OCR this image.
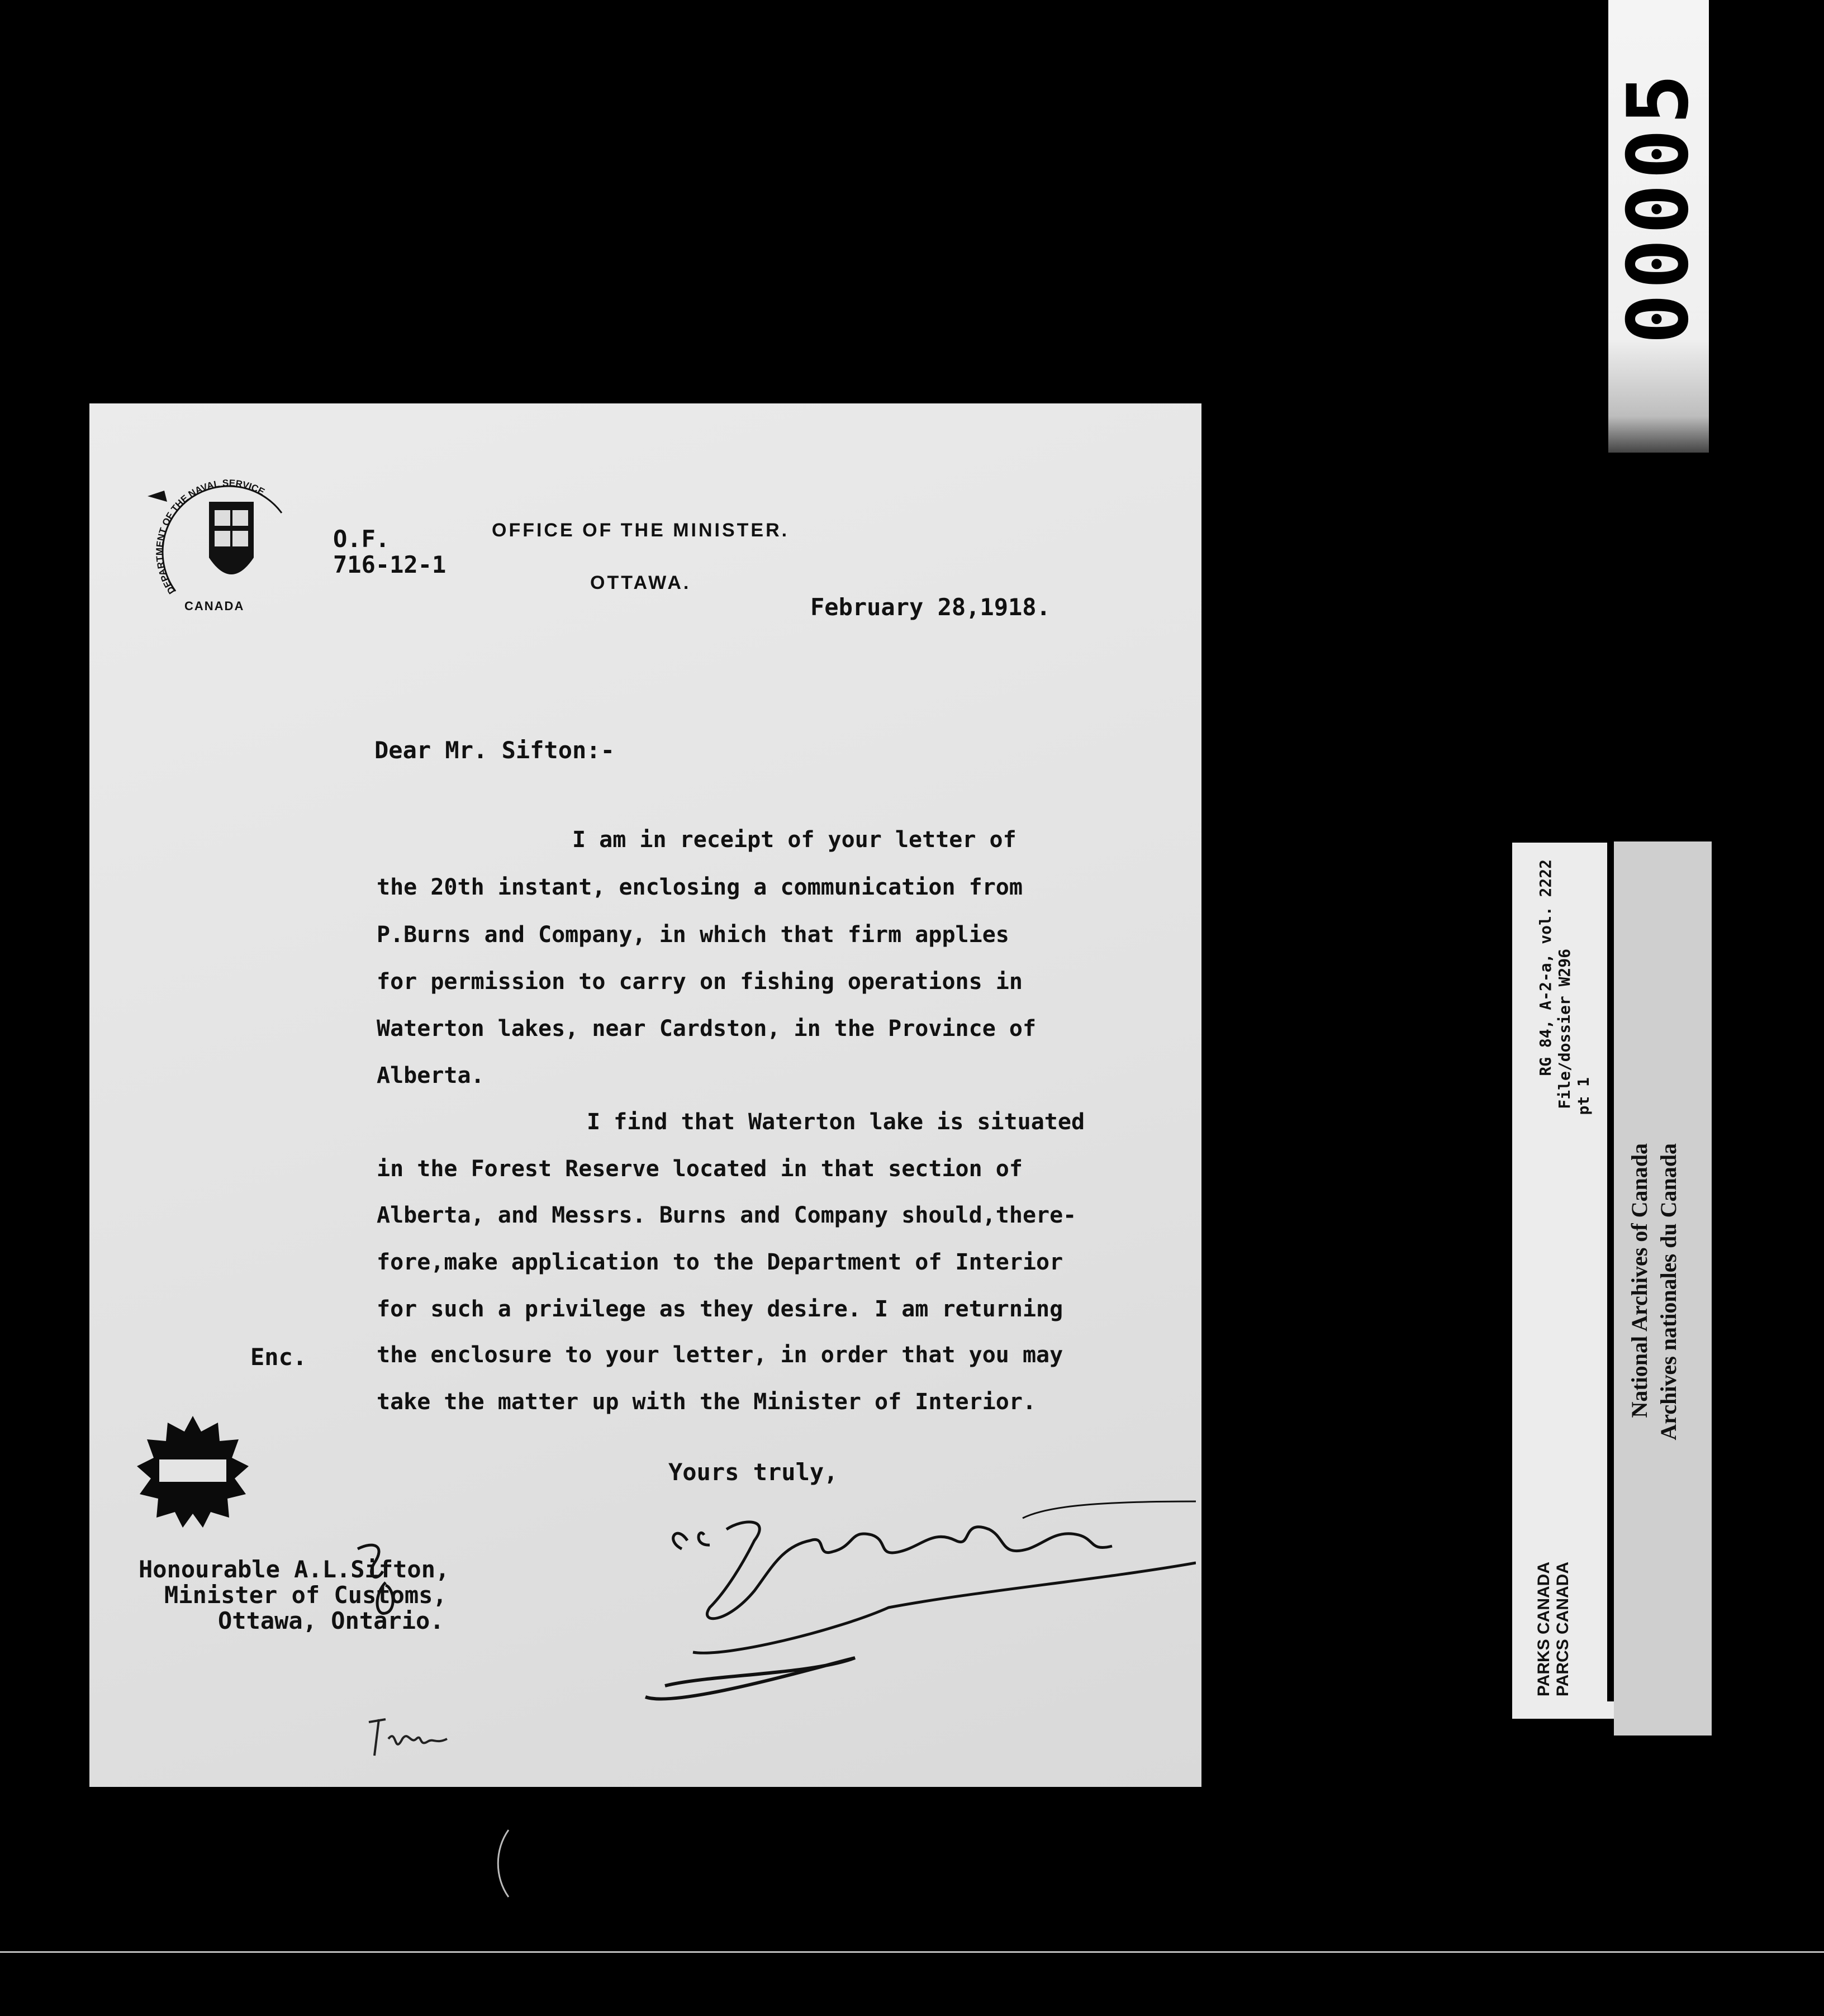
00005
DEPARTMENT OF THE NAVAL SERVICE
CANADA
O.F.
716-12-1
OFFICE OF THE MINISTER.
OTTAWA.
February 28,1918.
Dear Mr. Sifton:-
I am in receipt of your letter of
the 20th instant, enclosing a communication from
P.Burns and Company, in which that firm applies
for permission to carry on fishing operations in
Waterton lakes, near Cardston, in the Province of
Alberta.
I find that Waterton lake is situated
in the Forest Reserve located in that section of
Alberta, and Messrs. Burns and Company should,there-
fore,make application to the Department of Interior
for such a privilege as they desire. I am returning
the enclosure to your letter, in order that you may
take the matter up with the Minister of Interior.
Enc.
Yours truly,
Honourable A.L.Sifton,
Minister of Customs,
Ottawa, Ontario.	PARKS CANADA PARCS CANADA
RG 84, A-2-a, vol. 2222 File/dossier W296 pt 1
National Archives of Canada Archives nationales du Canada
